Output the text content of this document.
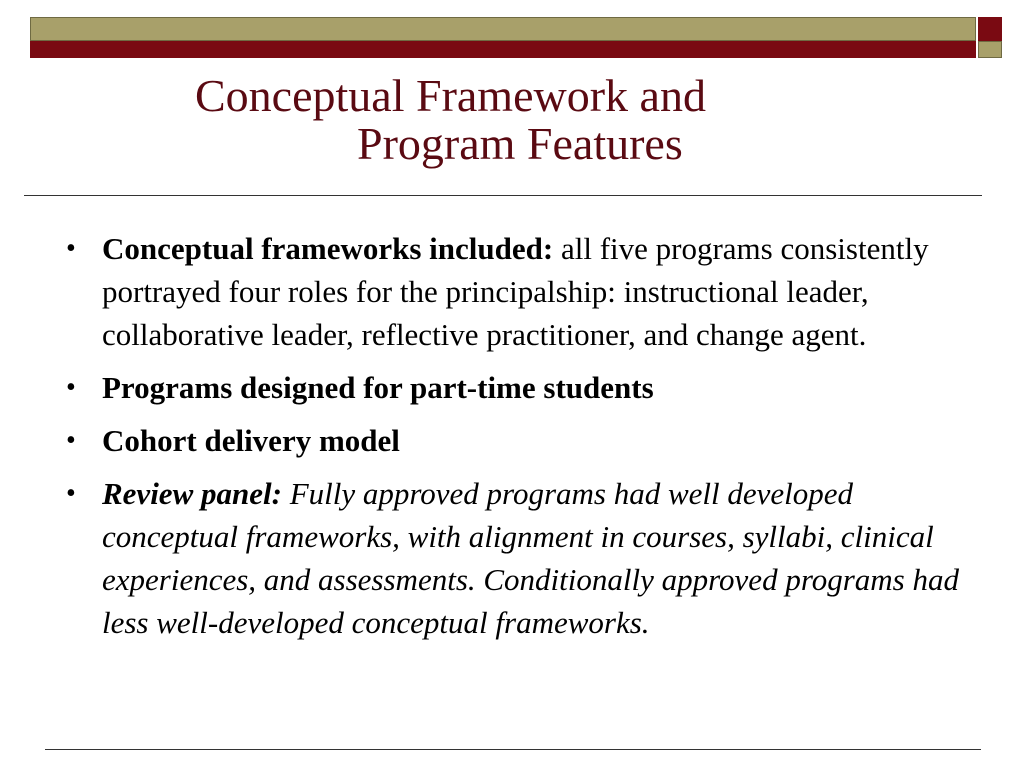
Conceptual Framework and
Program Features
• Conceptual frameworks included: all five programs consistently portrayed four roles for the principalship: instructional leader, collaborative leader, reflective practitioner, and change agent.
• Programs designed for part-time students
• Cohort delivery model
• Review panel: Fully approved programs had well developed conceptual frameworks, with alignment in courses, syllabi, clinical experiences, and assessments. Conditionally approved programs had less well-developed conceptual frameworks.
